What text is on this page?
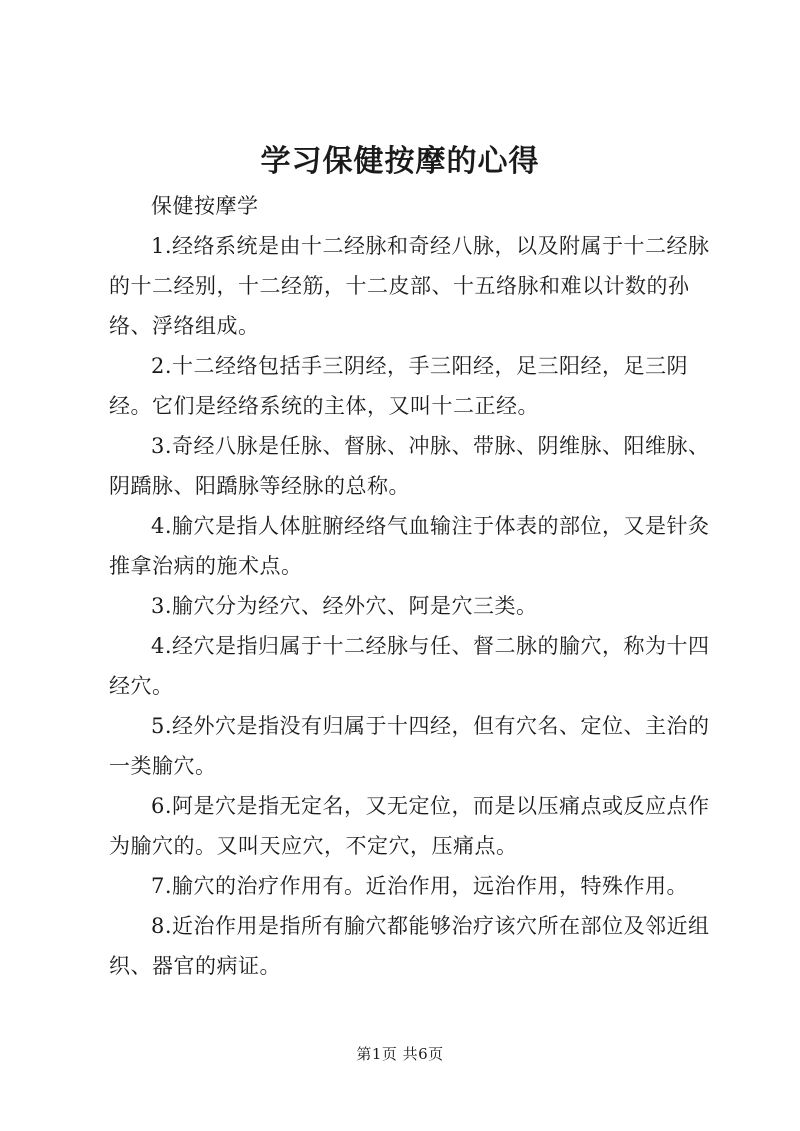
学习保健按摩的心得

保健按摩学

1.经络系统是由十二经脉和奇经八脉，以及附属于十二经脉的十二经别，十二经筋，十二皮部、十五络脉和难以计数的孙络、浮络组成。

2.十二经络包括手三阴经，手三阳经，足三阳经，足三阴经。它们是经络系统的主体，又叫十二正经。

3.奇经八脉是任脉、督脉、冲脉、带脉、阴维脉、阳维脉、阴蹻脉、阳蹻脉等经脉的总称。

4.腧穴是指人体脏腑经络气血输注于体表的部位，又是针灸推拿治病的施术点。

3.腧穴分为经穴、经外穴、阿是穴三类。

4.经穴是指归属于十二经脉与任、督二脉的腧穴，称为十四经穴。

5.经外穴是指没有归属于十四经，但有穴名、定位、主治的一类腧穴。

6.阿是穴是指无定名，又无定位，而是以压痛点或反应点作为腧穴的。又叫天应穴，不定穴，压痛点。

7.腧穴的治疗作用有。近治作用，远治作用，特殊作用。

8.近治作用是指所有腧穴都能够治疗该穴所在部位及邻近组织、器官的病证。

第1页 共6页
